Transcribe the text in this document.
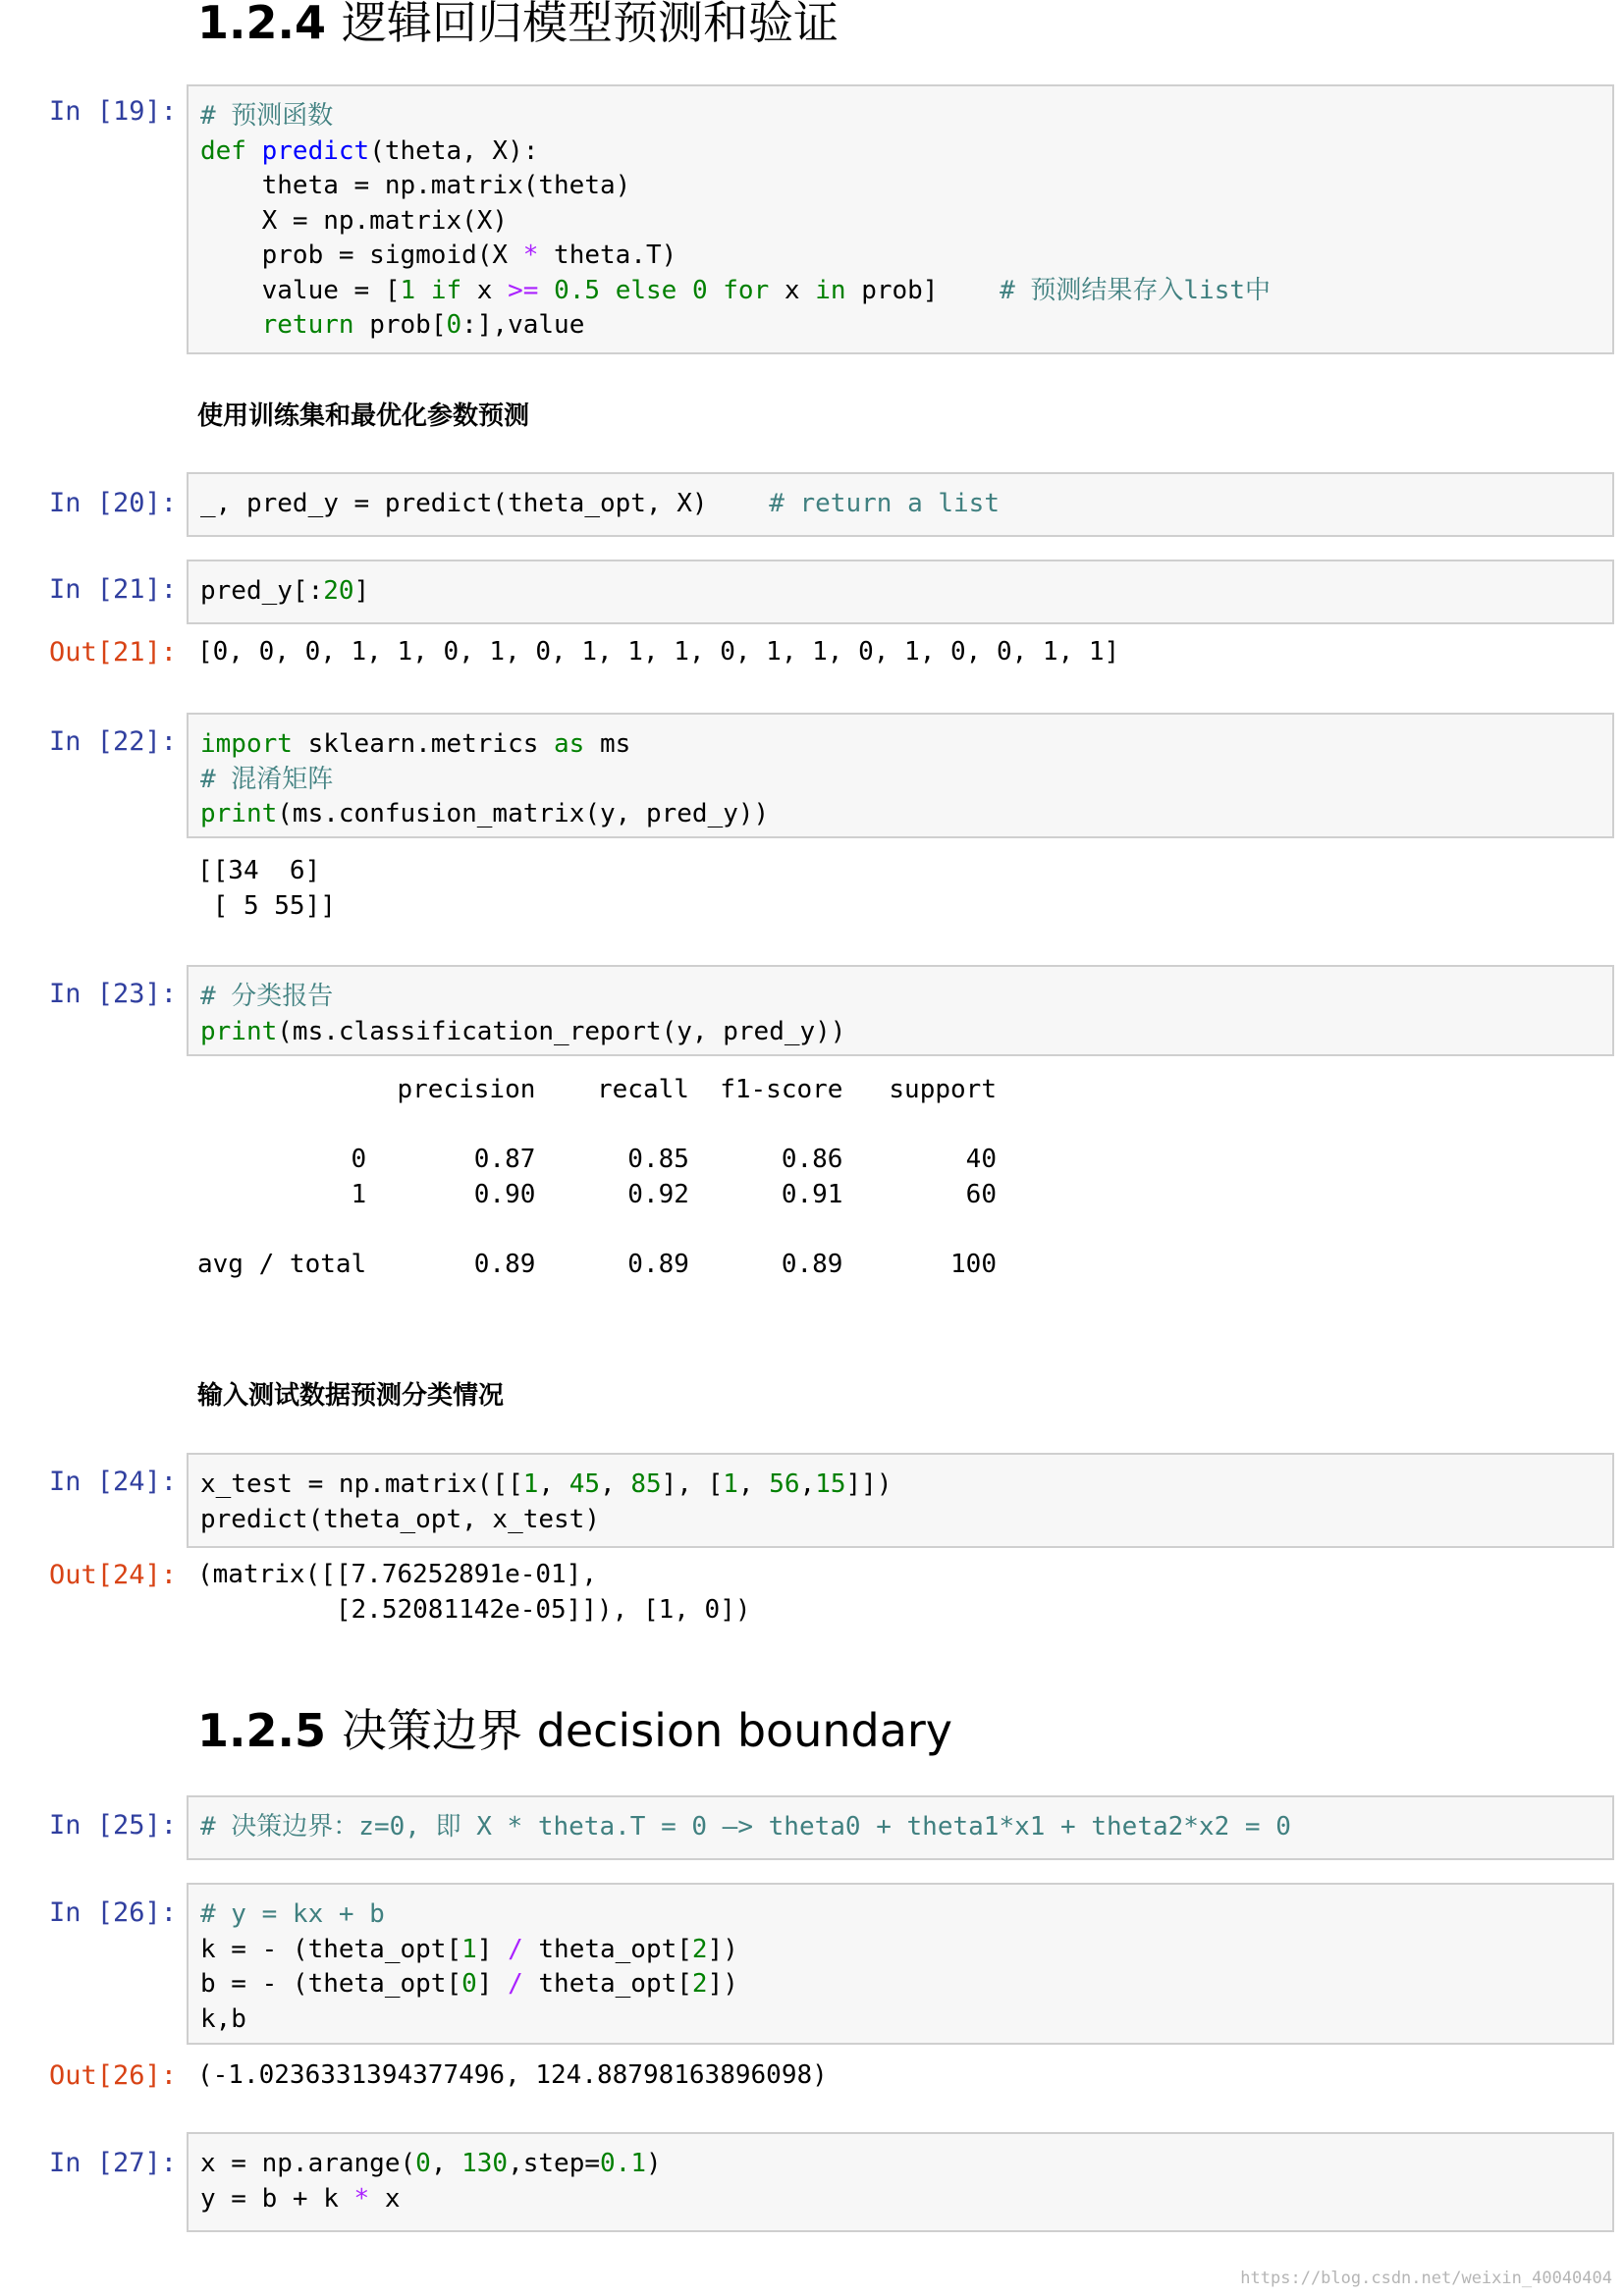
1.2.4 逻辑回归模型预测和验证
In [19]: # 预测函数
def predict(theta, X):
theta = np.matrix(theta)
X = np.matrix(X)
prob = sigmoid(X * theta.T)
value = [1 if x >= 0.5 else 0 for x in prob] # 预测结果存入list中
return prob[0:],value
使用训练集和最优化参数预测
In [20]: _, pred_y = predict(theta_opt, X) # return a list
In [21]: pred_y[:20]
Out[21]: [0, 0, 0, 1, 1, 0, 1, 0, 1, 1, 1, 0, 1, 1, 0, 1, 0, 0, 1, 1]
In [22]: import sklearn.metrics as ms
# 混淆矩阵
print(ms.confusion_matrix(y, pred_y))
[[34  6]
[ 5 55]]
In [23]: # 分类报告
print(ms.classification_report(y, pred_y))
precision    recall  f1-score   support

0       0.87      0.85      0.86        40
1       0.90      0.92      0.91        60

avg / total       0.89      0.89      0.89       100
输入测试数据预测分类情况
In [24]: x_test = np.matrix([[1, 45, 85], [1, 56,15]])
predict(theta_opt, x_test)
Out[24]: (matrix([[7.76252891e-01],
[2.52081142e-05]]), [1, 0])
1.2.5 决策边界 decision boundary
In [25]: # 决策边界：z=0, 即 X * theta.T = 0 —> theta0 + theta1*x1 + theta2*x2 = 0
In [26]: # y = kx + b
k = - (theta_opt[1] / theta_opt[2])
b = - (theta_opt[0] / theta_opt[2])
k,b
Out[26]: (-1.0236331394377496, 124.88798163896098)
In [27]: x = np.arange(0, 130,step=0.1)
y = b + k * x
https://blog.csdn.net/weixin_40040404
